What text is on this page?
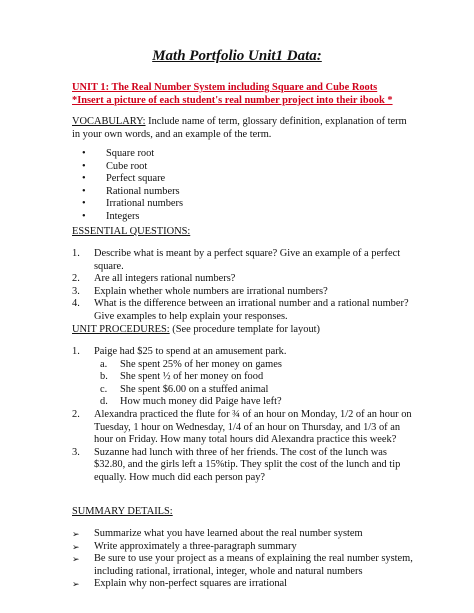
Math Portfolio Unit1 Data:
UNIT 1: The Real Number System including Square and Cube Roots
*Insert a picture of each student's real number project into their ibook *
VOCABULARY: Include name of term, glossary definition, explanation of term in your own words, and an example of the term.
• Square root
• Cube root
• Perfect square
• Rational numbers
• Irrational numbers
• Integers
ESSENTIAL QUESTIONS:
1. Describe what is meant by a perfect square? Give an example of a perfect square.
2. Are all integers rational numbers?
3. Explain whether whole numbers are irrational numbers?
4. What is the difference between an irrational number and a rational number? Give examples to help explain your responses.
UNIT PROCEDURES: (See procedure template for layout)
1. Paige had $25 to spend at an amusement park.
a. She spent 25% of her money on games
b. She spent ½ of her money on food
c. She spent $6.00 on a stuffed animal
d. How much money did Paige have left?
2. Alexandra practiced the flute for ¾ of an hour on Monday, 1/2 of an hour on Tuesday, 1 hour on Wednesday, 1/4 of an hour on Thursday, and 1/3 of an hour on Friday. How many total hours did Alexandra practice this week?
3. Suzanne had lunch with three of her friends. The cost of the lunch was $32.80, and the girls left a 15%tip. They split the cost of the lunch and tip equally. How much did each person pay?
SUMMARY DETAILS:
➢ Summarize what you have learned about the real number system
➢ Write approximately a three-paragraph summary
➢ Be sure to use your project as a means of explaining the real number system, including rational, irrational, integer, whole and natural numbers
➢ Explain why non-perfect squares are irrational
